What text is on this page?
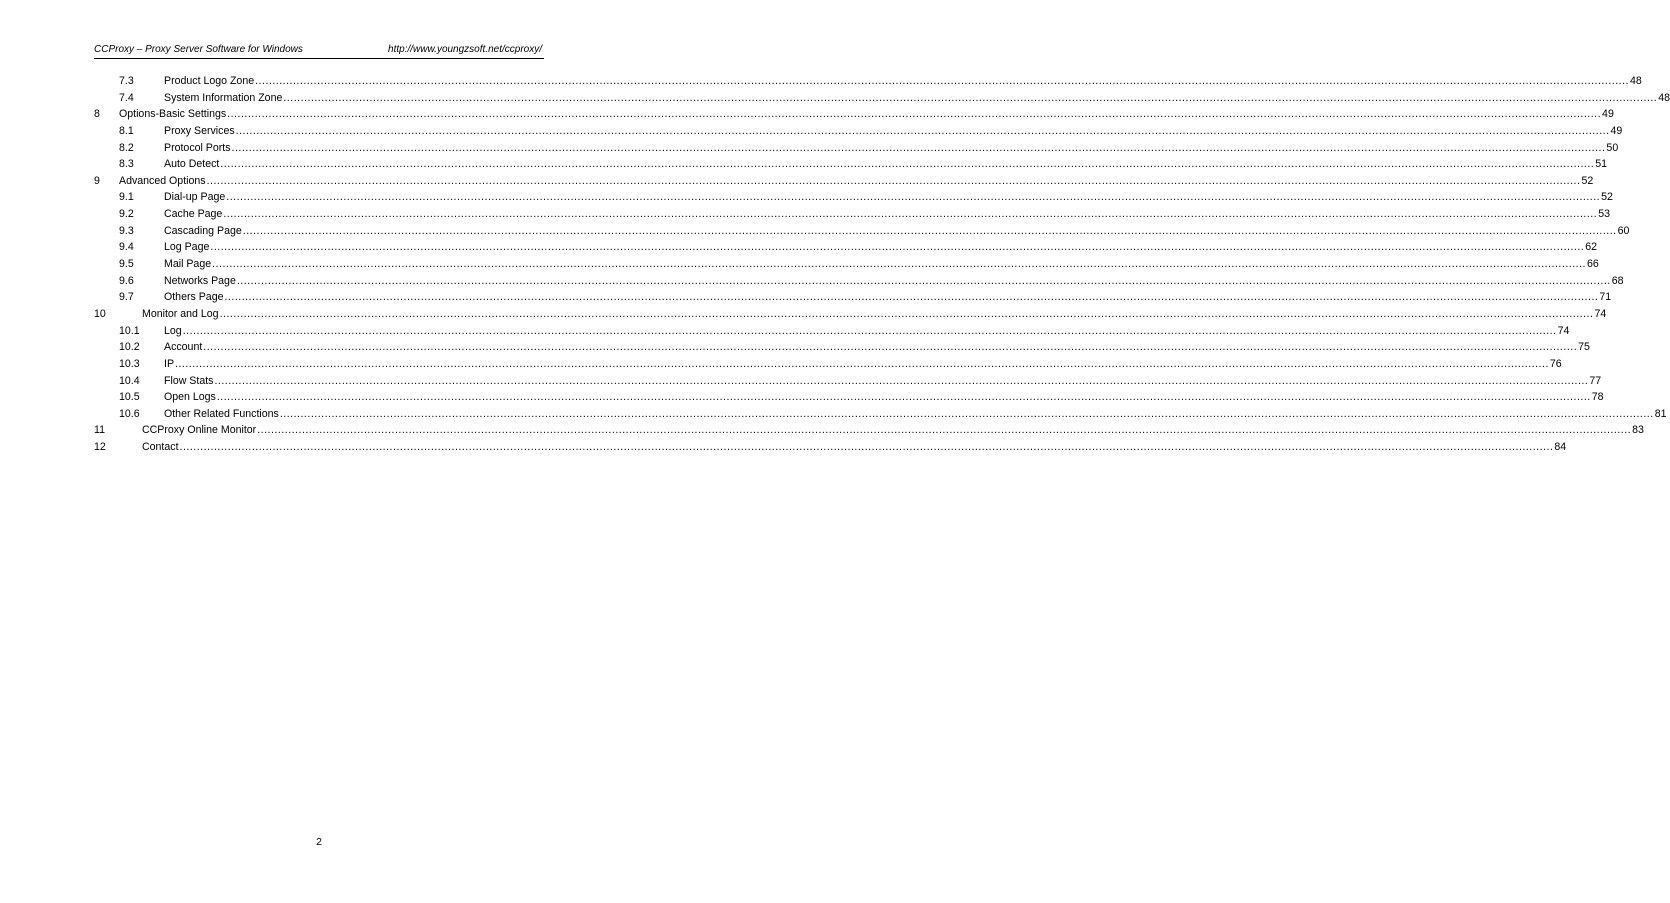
CCProxy – Proxy Server Software for Windows	http://www.youngzsoft.net/ccproxy/
7.3	Product Logo Zone ............................................................................................................................................................................................................................................................................................................................................................................................................... 48
7.4	System Information Zone ............................................................................................................................................................................................................................................................................................................................................................................................................... 48
8 Options-Basic Settings ............................................................................................................................................................................................................................................................................................................................................................................................................... 49
8.1	Proxy Services ............................................................................................................................................................................................................................................................................................................................................................................................................... 49
8.2	Protocol Ports ............................................................................................................................................................................................................................................................................................................................................................................................................... 50
8.3	Auto Detect ............................................................................................................................................................................................................................................................................................................................................................................................................... 51
9 Advanced Options ............................................................................................................................................................................................................................................................................................................................................................................................................... 52
9.1	Dial-up Page ............................................................................................................................................................................................................................................................................................................................................................................................................... 52
9.2	Cache Page ............................................................................................................................................................................................................................................................................................................................................................................................................... 53
9.3	Cascading Page ............................................................................................................................................................................................................................................................................................................................................................................................................... 60
9.4	Log Page ............................................................................................................................................................................................................................................................................................................................................................................................................... 62
9.5	Mail Page ............................................................................................................................................................................................................................................................................................................................................................................................................... 66
9.6	Networks Page ............................................................................................................................................................................................................................................................................................................................................................................................................... 68
9.7	Others Page ............................................................................................................................................................................................................................................................................................................................................................................................................... 71
10	Monitor and Log ............................................................................................................................................................................................................................................................................................................................................................................................................... 74
10.1 Log ............................................................................................................................................................................................................................................................................................................................................................................................................... 74
10.2 Account ............................................................................................................................................................................................................................................................................................................................................................................................................... 75
10.3 IP ............................................................................................................................................................................................................................................................................................................................................................................................................... 76
10.4 Flow Stats ............................................................................................................................................................................................................................................................................................................................................................................................................... 77
10.5 Open Logs ............................................................................................................................................................................................................................................................................................................................................................................................................... 78
10.6 Other Related Functions ............................................................................................................................................................................................................................................................................................................................................................................................................... 81
11	CCProxy Online Monitor ............................................................................................................................................................................................................................................................................................................................................................................................................... 83
12	Contact ............................................................................................................................................................................................................................................................................................................................................................................................................... 84
2
